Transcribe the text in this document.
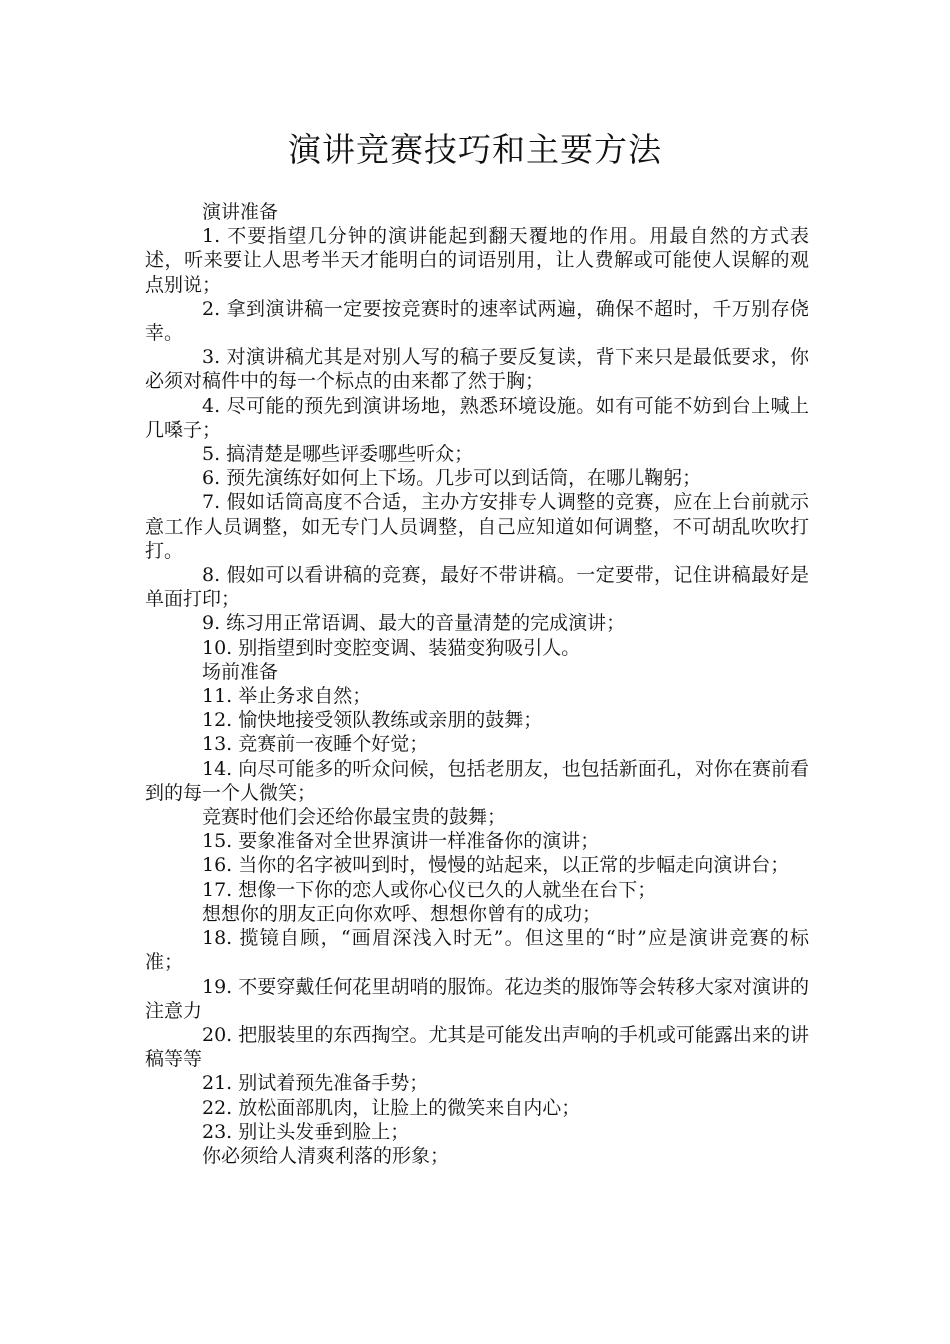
演讲竞赛技巧和主要方法

演讲准备

1. 不要指望几分钟的演讲能起到翻天覆地的作用。用最自然的方式表述，听来要让人思考半天才能明白的词语别用，让人费解或可能使人误解的观点别说；

2. 拿到演讲稿一定要按竞赛时的速率试两遍，确保不超时，千万别存侥幸。

3. 对演讲稿尤其是对别人写的稿子要反复读，背下来只是最低要求，你必须对稿件中的每一个标点的由来都了然于胸；

4. 尽可能的预先到演讲场地，熟悉环境设施。如有可能不妨到台上喊上几嗓子；

5. 搞清楚是哪些评委哪些听众；

6. 预先演练好如何上下场。几步可以到话筒，在哪儿鞠躬；

7. 假如话筒高度不合适，主办方安排专人调整的竞赛，应在上台前就示意工作人员调整，如无专门人员调整，自己应知道如何调整，不可胡乱吹吹打打。

8. 假如可以看讲稿的竞赛，最好不带讲稿。一定要带，记住讲稿最好是单面打印；

9. 练习用正常语调、最大的音量清楚的完成演讲；

10. 别指望到时变腔变调、装猫变狗吸引人。

场前准备

11. 举止务求自然；

12. 愉快地接受领队教练或亲朋的鼓舞；

13. 竞赛前一夜睡个好觉；

14. 向尽可能多的听众问候，包括老朋友，也包括新面孔，对你在赛前看到的每一个人微笑；

竞赛时他们会还给你最宝贵的鼓舞；

15. 要象准备对全世界演讲一样准备你的演讲；

16. 当你的名字被叫到时，慢慢的站起来，以正常的步幅走向演讲台；

17. 想像一下你的恋人或你心仪已久的人就坐在台下；

想想你的朋友正向你欢呼、想想你曾有的成功；

18. 揽镜自顾，“画眉深浅入时无”。但这里的“时”应是演讲竞赛的标准；

19. 不要穿戴任何花里胡哨的服饰。花边类的服饰等会转移大家对演讲的注意力

20. 把服装里的东西掏空。尤其是可能发出声响的手机或可能露出来的讲稿等等

21. 别试着预先准备手势；

22. 放松面部肌肉，让脸上的微笑来自内心；

23. 别让头发垂到脸上；

你必须给人清爽利落的形象；
